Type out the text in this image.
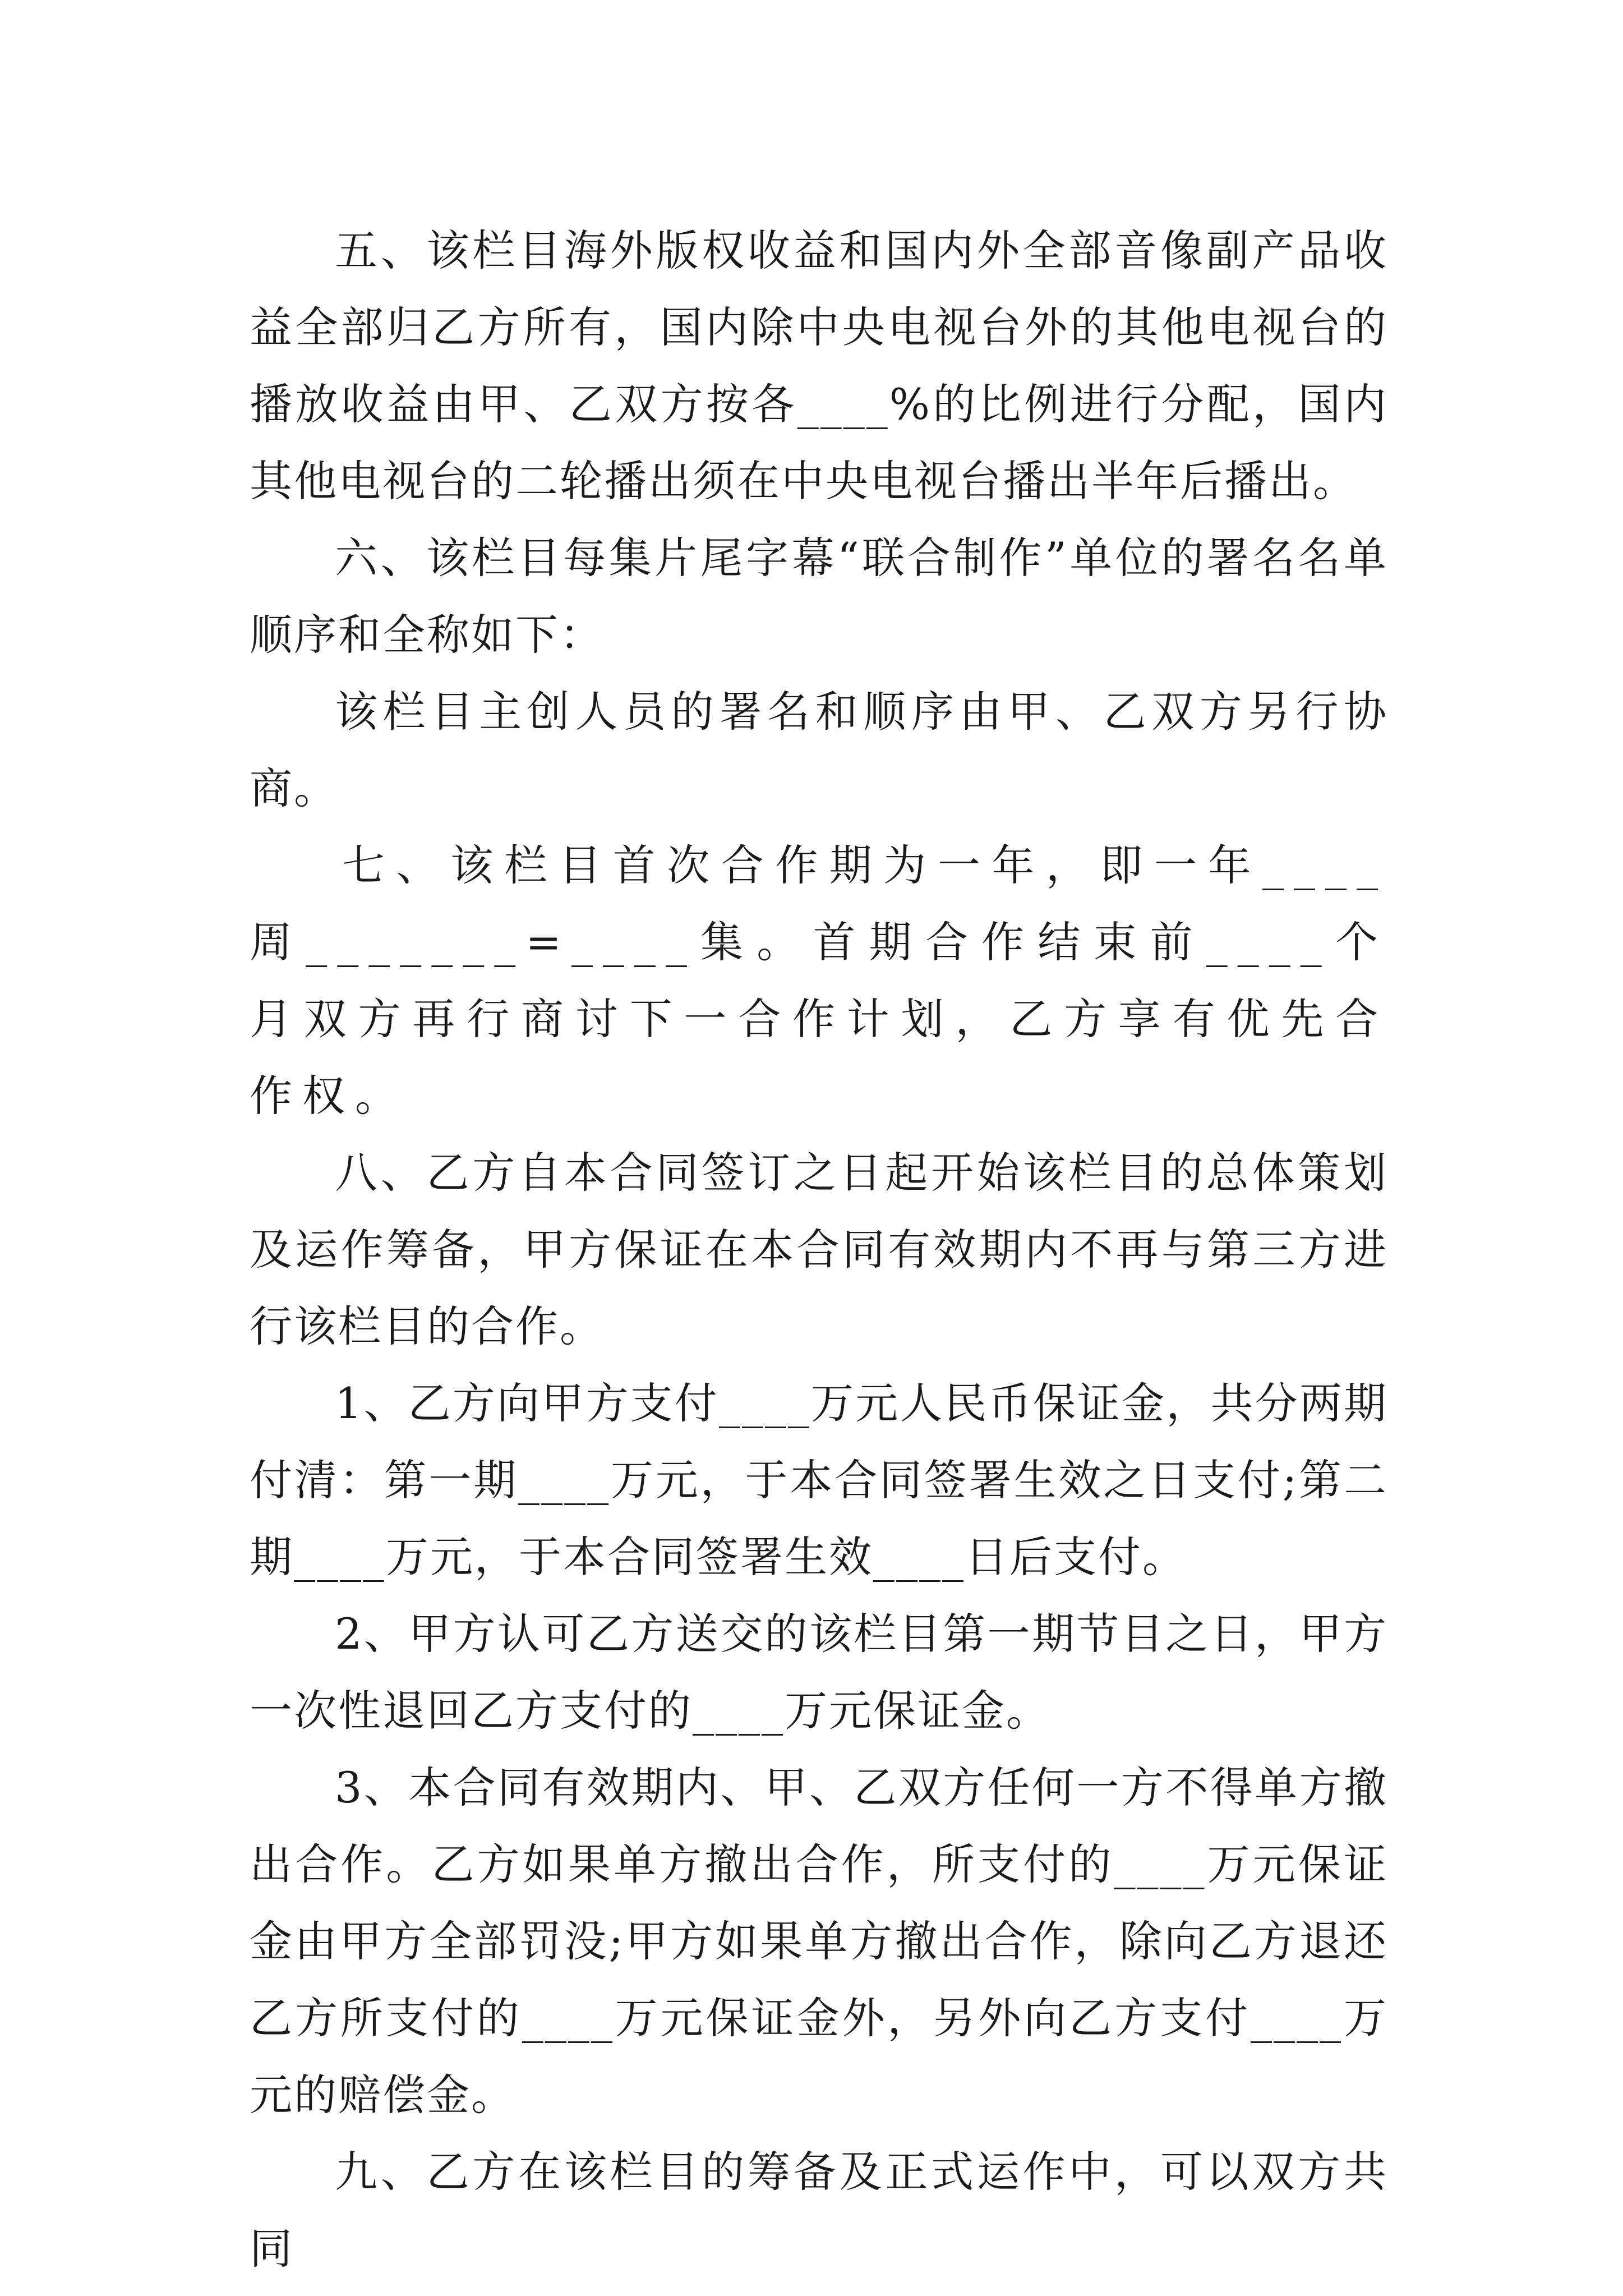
五、该栏目海外版权收益和国内外全部音像副产品收益全部归乙方所有，国内除中央电视台外的其他电视台的播放收益由甲、乙双方按各____%的比例进行分配，国内其他电视台的二轮播出须在中央电视台播出半年后播出。

六、该栏目每集片尾字幕“联合制作”单位的署名名单顺序和全称如下：

该栏目主创人员的署名和顺序由甲、乙双方另行协商。

七、该栏目首次合作期为一年，即一年____周_______=____集。首期合作结束前____个月双方再行商讨下一合作计划，乙方享有优先合作权。

八、乙方自本合同签订之日起开始该栏目的总体策划及运作筹备，甲方保证在本合同有效期内不再与第三方进行该栏目的合作。

1、乙方向甲方支付____万元人民币保证金，共分两期付清：第一期____万元，于本合同签署生效之日支付;第二期____万元，于本合同签署生效____日后支付。

2、甲方认可乙方送交的该栏目第一期节目之日，甲方一次性退回乙方支付的____万元保证金。

3、本合同有效期内、甲、乙双方任何一方不得单方撤出合作。乙方如果单方撤出合作，所支付的____万元保证金由甲方全部罚没;甲方如果单方撤出合作，除向乙方退还乙方所支付的____万元保证金外，另外向乙方支付____万元的赔偿金。

九、乙方在该栏目的筹备及正式运作中，可以双方共同
